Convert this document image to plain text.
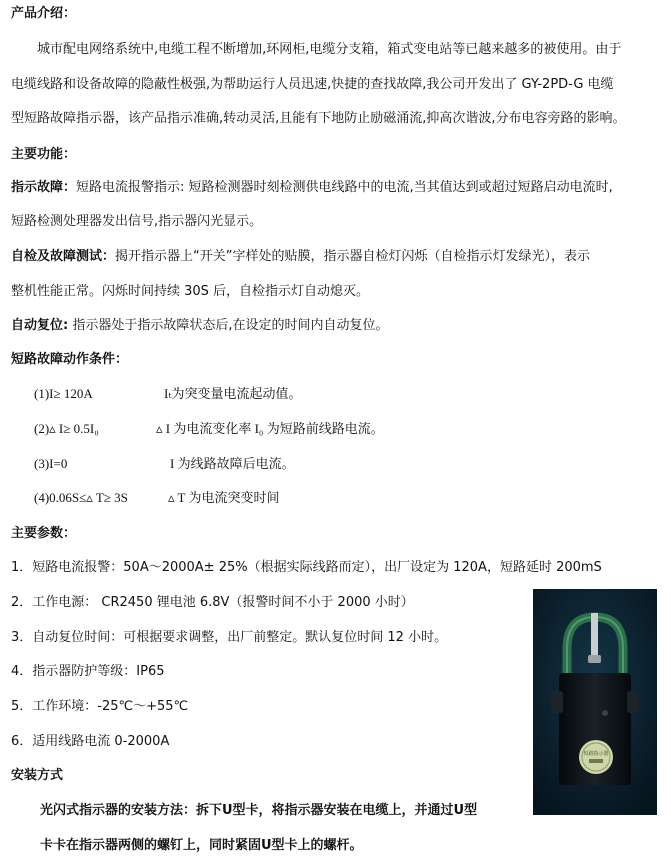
产品介绍：
城市配电网络系统中,电缆工程不断增加,环网柜,电缆分支箱，箱式变电站等已越来越多的被使用。由于
电缆线路和设备故障的隐蔽性极强,为帮助运行人员迅速,快捷的查找故障,我公司开发出了 GY-2PD-G 电缆
型短路故障指示器，该产品指示准确,转动灵活,且能有下地防止励磁涌流,抑高次谐波,分布电容旁路的影响。
主要功能：
指示故障：短路电流报警指示: 短路检测器时刻检测供电线路中的电流,当其值达到或超过短路启动电流时,
短路检测处理器发出信号,指示器闪光显示。
自检及故障测试：揭开指示器上“开关”字样处的贴膜，指示器自检灯闪烁（自检指示灯发绿光），表示
整机性能正常。闪烁时间持续 30S 后，自检指示灯自动熄灭。
自动复位: 指示器处于指示故障状态后,在设定的时间内自动复位。
短路故障动作条件：
(1)I≥ 120A	Iₜ为突变量电流起动值。
(2)▵ I≥ 0.5I₀	▵ I 为电流变化率 I₀ 为短路前线路电流。
(3)I=0	I 为线路故障后电流。
(4)0.06S≤▵ T≥ 3S	▵ T 为电流突变时间
主要参数：
1．短路电流报警：50A～2000A± 25%（根据实际线路而定），出厂设定为 120A，短路延时 200mS
2．工作电源： CR2450 锂电池 6.8V（报警时间不小于 2000 小时）
3．自动复位时间：可根据要求调整，出厂前整定。默认复位时间 12 小时。
4．指示器防护等级：IP65
5．工作环境：-25℃～+55℃
6．适用线路电流 0-2000A
安装方式
光闪式指示器的安装方法：拆下U型卡，将指示器安装在电缆上，并通过U型
卡卡在指示器两侧的螺钉上，同时紧固U型卡上的螺杆。
短路指示器
